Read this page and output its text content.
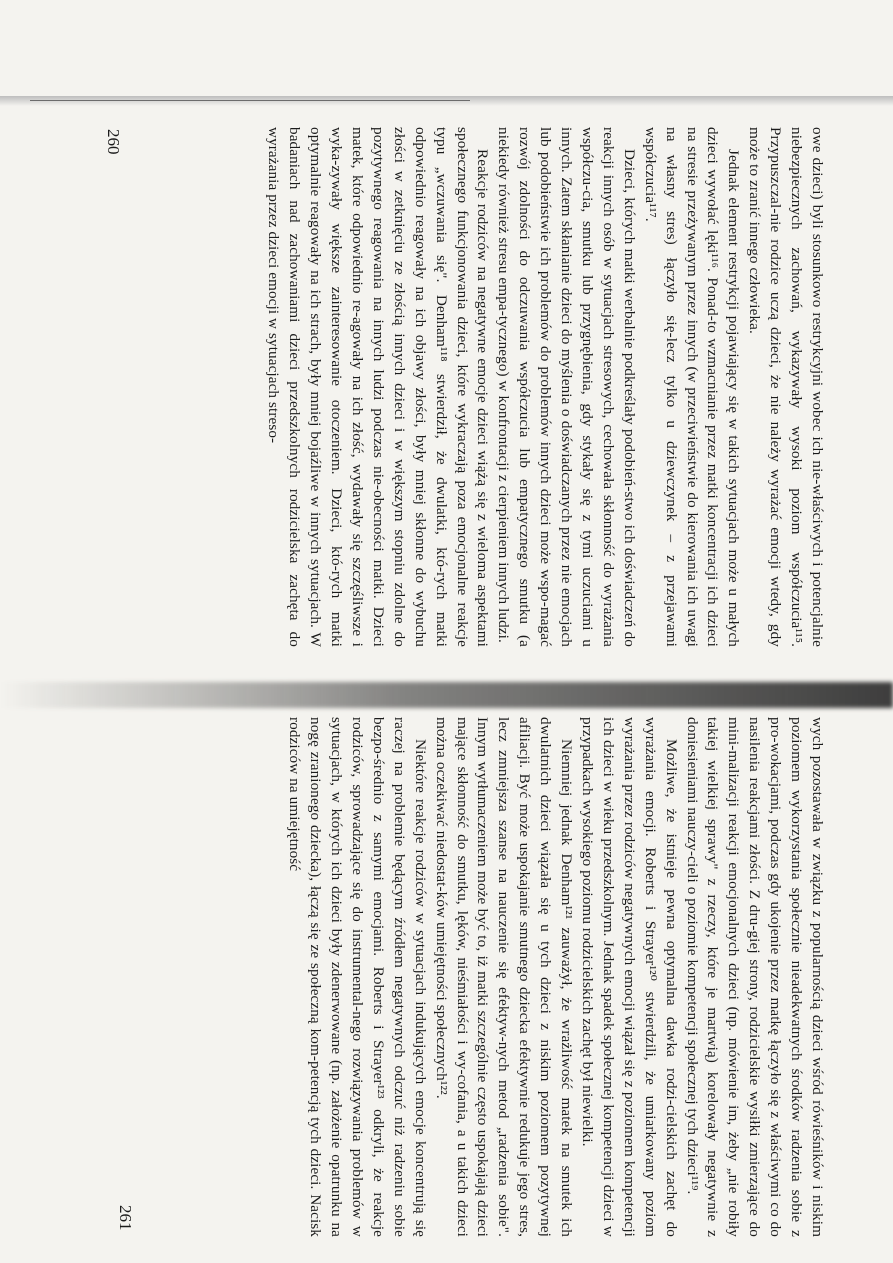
owe dzieci) byli stosunkowo restrykcyjni wobec ich nie-właściwych i potencjalnie niebezpiecznych zachowań, wykazywały wysoki poziom współczucia¹¹⁵. Przypuszczal-nie rodzice uczą dzieci, że nie należy wyrażać emocji wtedy, gdy może to zranić innego człowieka.

Jednak element restrykcji pojawiający się w takich sytuacjach może u małych dzieci wywołać lęki¹¹⁶. Ponad-to wzmacnianie przez matki koncentracji ich dzieci na stresie przeżywanym przez innych (w przeciwieństwie do kierowania ich uwagi na własny stres) łączyło się-lecz tylko u dziewczynek – z przejawami współczucia¹¹⁷.

Dzieci, których matki werbalnie podkreślały podobień-stwo ich doświadczeń do reakcji innych osób w sytuacjach stresowych, cechowała skłonność do wyrażania współczu-cia, smutku lub przygnębienia, gdy stykały się z tymi uczuciami u innych. Zatem skłanianie dzieci do myślenia o doświadczanych przez nie emocjach lub podobieństwie ich problemów do problemów innych dzieci może wspo-magać rozwój zdolności do odczuwania współczucia lub empatycznego smutku (a niekiedy również stresu empa-tycznego) w konfrontacji z cierpieniem innych ludzi.

Reakcje rodziców na negatywne emocje dzieci wiążą się z wieloma aspektami społecznego funkcjonowania dzieci, które wykraczają poza emocjonalne reakcje typu „wczuwania się". Denham¹¹⁸ stwierdził, że dwulatki, któ-rych matki odpowiednio reagowały na ich objawy złości, były mniej skłonne do wybuchu złości w zetknięciu ze złością innych dzieci i w większym stopniu zdolne do pozytywnego reagowania na innych ludzi podczas nie-obecności matki. Dzieci matek, które odpowiednio re-agowały na ich złość, wydawały się szczęśliwsze i wyka-zywały większe zainteresowanie otoczeniem. Dzieci, któ-rych matki optymalnie reagowały na ich strach, były mniej bojaźliwe w innych sytuacjach. W badaniach nad zachowaniami dzieci przedszkolnych rodzicielska zachęta do wyrażania przez dzieci emocji w sytuacjach streso-

260

wych pozostawała w związku z popularnością dzieci wśród rówieśników i niskim poziomem wykorzystania społecznie nieadekwatnych środków radzenia sobie z pro-wokacjami, podczas gdy ukojenie przez matkę łączyło się z właściwymi co do nasilenia reakcjami złości. Z dru-giej strony, rodzicielskie wysiłki zmierzające do mini-malizacji reakcji emocjonalnych dzieci (np. mówienie im, żeby „nie robiły takiej wielkiej sprawy" z rzeczy, które je martwią) korelowały negatywnie z doniesieniami nauczy-cieli o poziomie kompetencji społecznej tych dzieci¹¹⁹.

Możliwe, że istnieje pewna optymalna dawka rodzi-cielskich zachęt do wyrażania emocji. Roberts i Strayer¹²⁰ stwierdzili, że umiarkowany poziom wyrażania przez rodziców negatywnych emocji wiązał się z poziomem kompetencji ich dzieci w wieku przedszkolnym. Jednak spadek społecznej kompetencji dzieci w przypadkach wysokiego poziomu rodzicielskich zachęt był niewielki.

Niemniej jednak Denham¹²¹ zauważył, że wrażliwość matek na smutek ich dwulatnich dzieci wiązała się u tych dzieci z niskim poziomem pozytywnej afiliacji. Być może uspokajanie smutnego dziecka efektywnie redukuje jego stres, lecz zmniejsza szanse na nauczenie się efektyw-nych metod „radzenia sobie". Innym wytłumaczeniem może być to, iż matki szczególnie często uspokajają dzieci mające skłonność do smutku, lęków, nieśmiałości i wy-cofania, a u takich dzieci można oczekiwać niedostat-ków umiejętności społecznych¹²².

Niektóre reakcje rodziców w sytuacjach indukujących emocje koncentrują się raczej na problemie będącym źródłem negatywnych odczuć niż radzeniu sobie bezpo-średnio z samymi emocjami. Roberts i Strayer¹²³ odkryli, że reakcje rodziców, sprowadzające się do instrumental-nego rozwiązywania problemów w sytuacjach, w których ich dzieci były zdenerwowane (np. założenie opatrunku na nogę zranionego dziecka), łączą się ze społeczną kom-petencją tych dzieci. Nacisk rodziców na umiejętność

261
